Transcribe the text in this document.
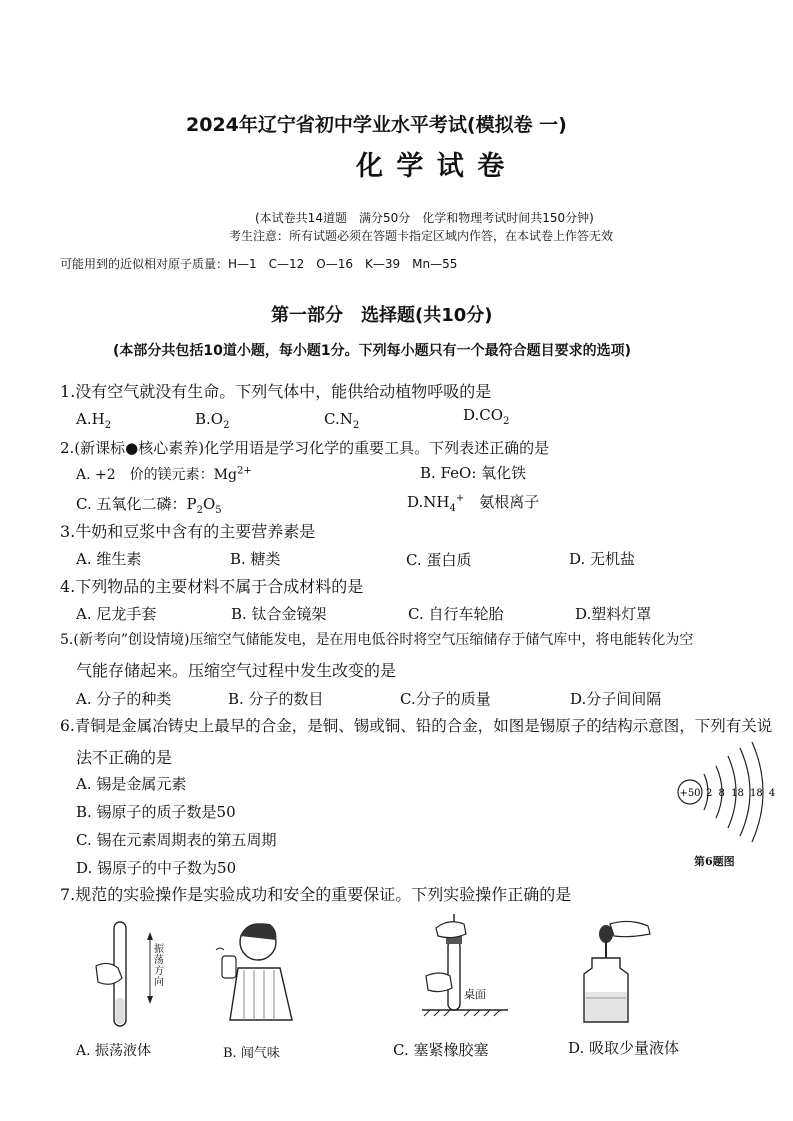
2024年辽宁省初中学业水平考试(模拟卷 一)
化 学 试 卷
(本试卷共14道题　满分50分　化学和物理考试时间共150分钟)
考生注意：所有试题必须在答题卡指定区域内作答，在本试卷上作答无效
可能用到的近似相对原子质量：H—1　C—12　O—16　K—39　Mn—55
第一部分　选择题(共10分)
(本部分共包括10道小题，每小题1分。下列每小题只有一个最符合题目要求的选项)
1.没有空气就没有生命。下列气体中，能供给动植物呼吸的是
$A.H_2$	$B.O_2$	$C.N_2$
$D.CO_2$
2.(新课标●核心素养)化学用语是学习化学的重要工具。下列表述正确的是
A. +2　价的镁元素：$Mg^{2+}$	B. FeO: 氧化铁
C. 五氧化二磷：$P_2O_5$	$D.NH_4^+$　氨根离子
3.牛奶和豆浆中含有的主要营养素是
A. 维生素	B. 糖类	C. 蛋白质	D. 无机盐
4.下列物品的主要材料不属于合成材料的是
A. 尼龙手套	B. 钛合金镜架	C. 自行车轮胎	D.塑料灯罩
5.(新考向”创设情境)压缩空气储能发电，是在用电低谷时将空气压缩储存于储气库中，将电能转化为空
气能存储起来。压缩空气过程中发生改变的是
A. 分子的种类	B. 分子的数目	C.分子的质量	D.分子间间隔
6.青铜是金属冶铸史上最早的合金，是铜、锡或铜、铅的合金，如图是锡原子的结构示意图，下列有关说
法不正确的是
A. 锡是金属元素
B. 锡原子的质子数是50
C. 锡在元素周期表的第五周期
D. 锡原子的中子数为50
+50 2 8 18 18 4
第6题图
7.规范的实验操作是实验成功和安全的重要保证。下列实验操作正确的是
振荡方向
桌面
A. 振荡液体	B. 闻气味	C. 塞紧橡胶塞	D. 吸取少量液体
